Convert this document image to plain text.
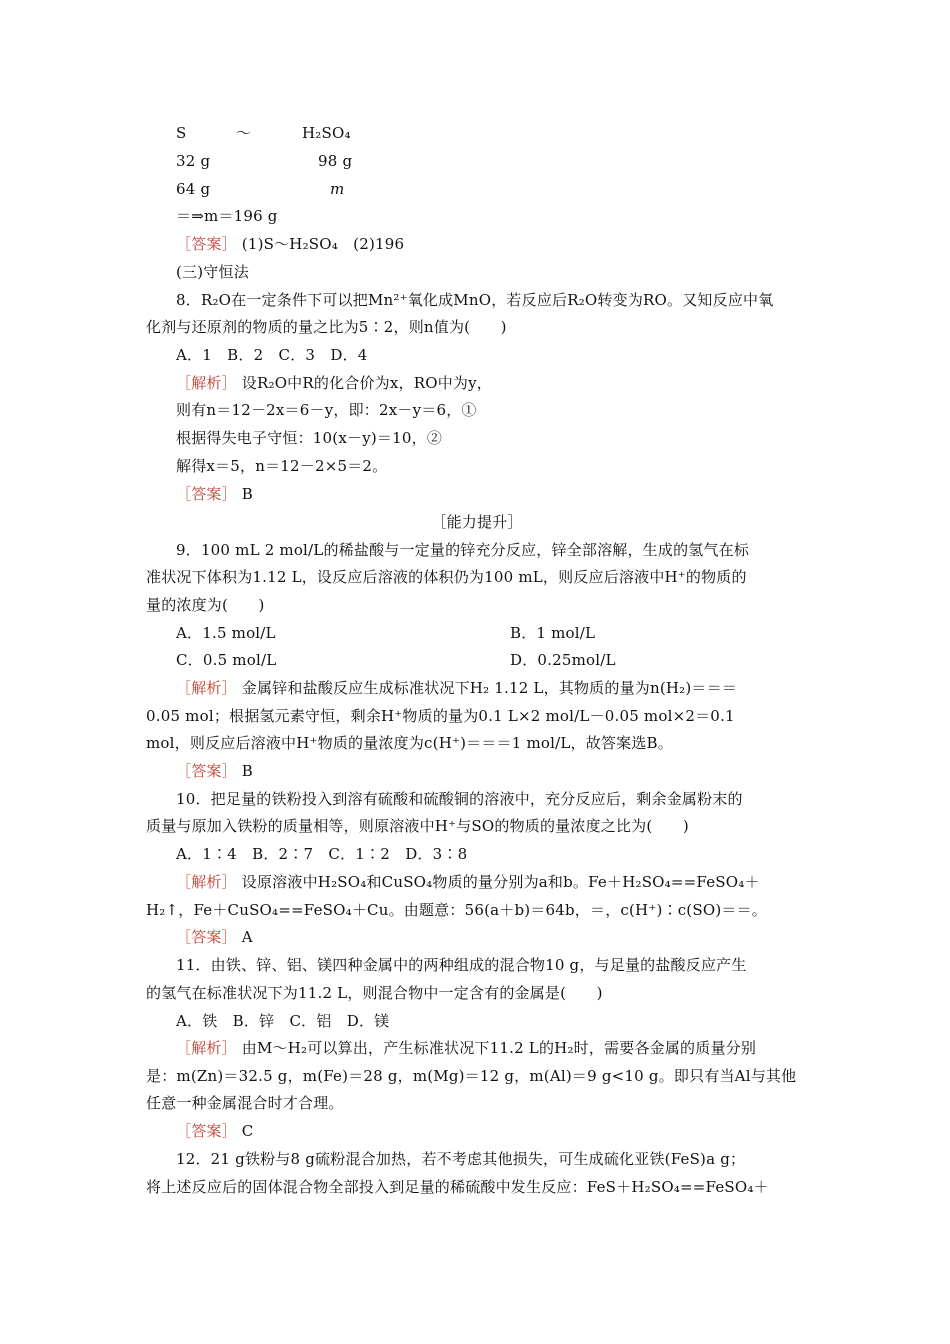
S	～	H₂SO₄
32 g	98 g
64 g	m
＝⇒m＝196 g
［答案］ (1)S～H₂SO₄　(2)196
(三)守恒法
8．R₂O在一定条件下可以把Mn²⁺氧化成MnO，若反应后R₂O转变为RO。又知反应中氧
化剂与还原剂的物质的量之比为5∶2，则n值为(　　)
A．1　B．2　C．3　D．4
［解析］ 设R₂O中R的化合价为x，RO中为y，
则有n＝12－2x＝6－y，即：2x－y＝6，①
根据得失电子守恒：10(x－y)＝10，②
解得x＝5，n＝12－2×5＝2。
［答案］ B
［能力提升］
9．100 mL 2 mol/L的稀盐酸与一定量的锌充分反应，锌全部溶解，生成的氢气在标
准状况下体积为1.12 L，设反应后溶液的体积仍为100 mL，则反应后溶液中H⁺的物质的
量的浓度为(　　)
A．1.5 mol/L	B．1 mol/L
C．0.5 mol/L	D．0.25mol/L
［解析］ 金属锌和盐酸反应生成标准状况下H₂ 1.12 L，其物质的量为n(H₂)＝＝＝
0.05 mol；根据氢元素守恒，剩余H⁺物质的量为0.1 L×2 mol/L－0.05 mol×2＝0.1
mol，则反应后溶液中H⁺物质的量浓度为c(H⁺)＝＝＝1 mol/L，故答案选B。
［答案］ B
10．把足量的铁粉投入到溶有硫酸和硫酸铜的溶液中，充分反应后，剩余金属粉末的
质量与原加入铁粉的质量相等，则原溶液中H⁺与SO的物质的量浓度之比为(　　)
A．1∶4　B．2∶7　C．1∶2　D．3∶8
［解析］ 设原溶液中H₂SO₄和CuSO₄物质的量分别为a和b。Fe＋H₂SO₄==FeSO₄＋
H₂↑，Fe＋CuSO₄==FeSO₄＋Cu。由题意：56(a＋b)＝64b，＝，c(H⁺)∶c(SO)＝＝。
［答案］ A
11．由铁、锌、铝、镁四种金属中的两种组成的混合物10 g，与足量的盐酸反应产生
的氢气在标准状况下为11.2 L，则混合物中一定含有的金属是(　　)
A．铁　B．锌　C．铝　D．镁
［解析］ 由M～H₂可以算出，产生标准状况下11.2 L的H₂时，需要各金属的质量分别
是：m(Zn)＝32.5 g，m(Fe)＝28 g，m(Mg)＝12 g，m(Al)＝9 g<10 g。即只有当Al与其他
任意一种金属混合时才合理。
［答案］ C
12．21 g铁粉与8 g硫粉混合加热，若不考虑其他损失，可生成硫化亚铁(FeS)a g；
将上述反应后的固体混合物全部投入到足量的稀硫酸中发生反应：FeS＋H₂SO₄==FeSO₄＋
